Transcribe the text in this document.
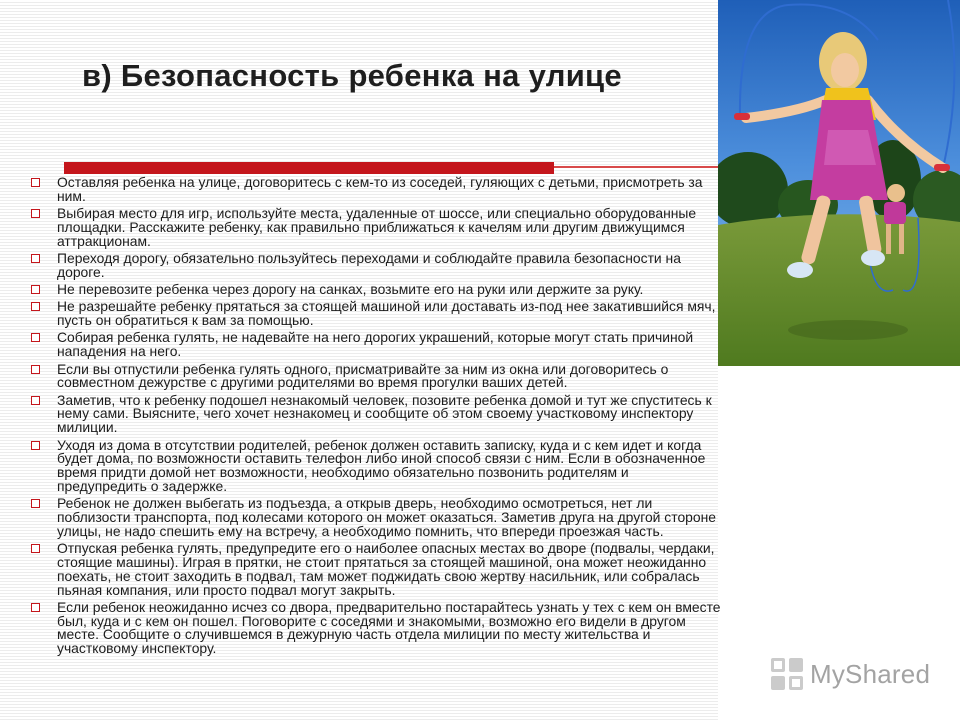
в) Безопасность ребенка на улице
Оставляя ребенка на улице, договоритесь с кем-то из соседей, гуляющих с детьми, присмотреть за ним.
Выбирая место для игр, используйте места, удаленные от шоссе, или специально оборудованные площадки. Расскажите ребенку, как правильно приближаться к качелям или другим движущимся аттракционам.
Переходя дорогу, обязательно пользуйтесь переходами и соблюдайте правила безопасности на дороге.
Не перевозите ребенка через дорогу на санках, возьмите его на руки или держите за руку.
Не разрешайте ребенку прятаться за стоящей машиной или доставать из-под нее закатившийся мяч, пусть он обратиться к вам за помощью.
Собирая ребенка гулять, не надевайте на него дорогих украшений, которые могут стать причиной нападения на него.
Если вы отпустили ребенка гулять одного, присматривайте за ним из окна или договоритесь о совместном дежурстве с другими родителями во время прогулки ваших детей.
Заметив, что к ребенку подошел незнакомый человек, позовите ребенка домой и тут же спуститесь к нему сами. Выясните, чего хочет незнакомец и сообщите об этом своему участковому инспектору милиции.
Уходя из дома в отсутствии родителей, ребенок должен оставить записку, куда и с кем идет и когда будет дома, по возможности оставить телефон либо иной способ связи с ним. Если в обозначенное время придти домой нет возможности, необходимо обязательно позвонить родителям и предупредить о задержке.
Ребенок не должен выбегать из подъезда, а открыв дверь, необходимо осмотреться, нет ли поблизости транспорта, под колесами которого он может оказаться. Заметив друга на другой стороне улицы, не надо спешить ему на встречу, а необходимо помнить, что впереди проезжая часть.
Отпуская ребенка гулять, предупредите его о наиболее опасных местах во дворе (подвалы, чердаки, стоящие машины). Играя в прятки, не стоит прятаться за стоящей машиной, она может неожиданно поехать, не стоит заходить в подвал, там может поджидать свою жертву насильник, или собралась пьяная компания, или просто подвал могут закрыть.
Если ребенок неожиданно исчез со двора, предварительно постарайтесь узнать у тех с кем он вместе был, куда и с кем он пошел. Поговорите с соседями и знакомыми, возможно его видели в другом месте. Сообщите о случившемся в дежурную часть отдела милиции по месту жительства и участковому инспектору.
MyShared
